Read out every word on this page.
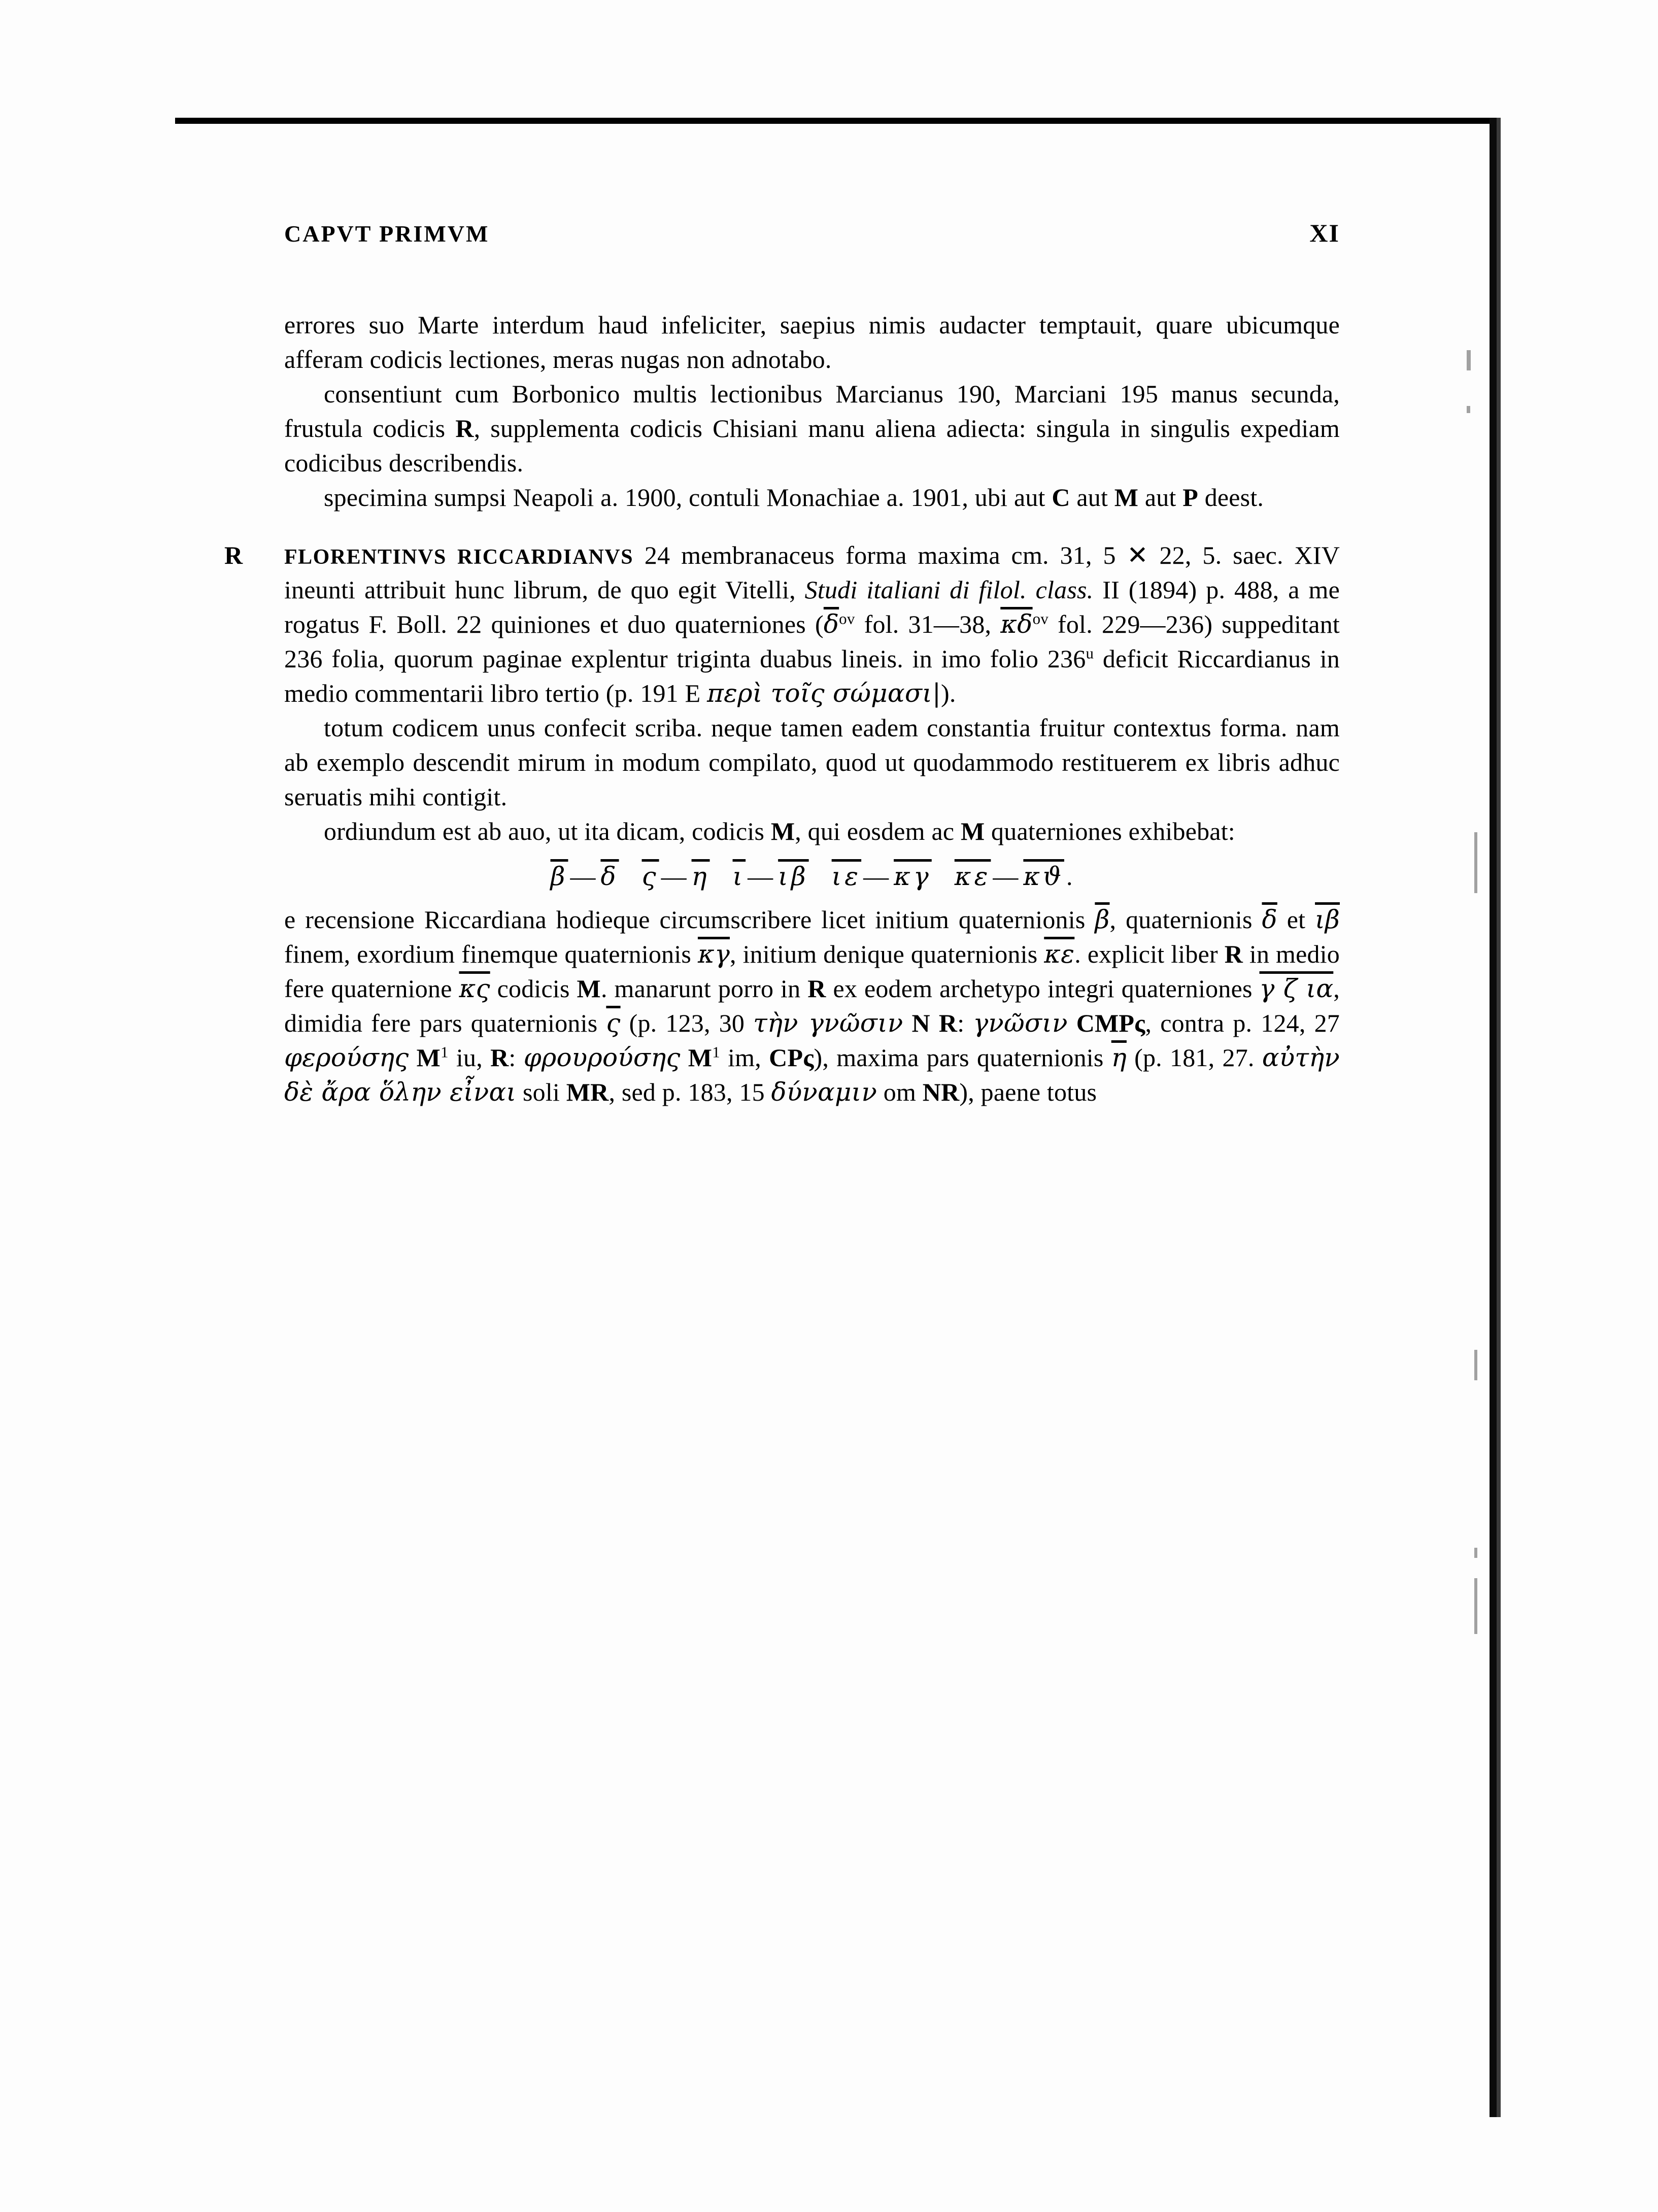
CAPVT PRIMVM	XI

errores suo Marte interdum haud infeliciter, saepius nimis audacter temptauit, quare ubicumque afferam codicis lectiones, meras nugas non adnotabo.

consentiunt cum Borbonico multis lectionibus Marcianus 190, Marciani 195 manus secunda, frustula codicis R, supplementa codicis Chisiani manu aliena adiecta: singula in singulis expediam codicibus describendis.

specimina sumpsi Neapoli a. 1900, contuli Monachiae a. 1901, ubi aut C aut M aut P deest.

R FLORENTINVS RICCARDIANVS 24 membranaceus forma maxima cm. 31, 5 ✕ 22, 5. saec. XIV ineunti attribuit hunc librum, de quo egit Vitelli, Studi italiani di filol. class. II (1894) p. 488, a me rogatus F. Boll. 22 quiniones et duo quaterniones ($\overline{\delta}^{ov}$ fol. 31—38, $\overline{\kappa\delta}^{ov}$ fol. 229—236) suppeditant 236 folia, quorum paginae explentur triginta duabus lineis. in imo folio 236$^u$ deficit Riccardianus in medio commentarii libro tertio (p. 191 E περὶ τοῖς σώμασι|).

totum codicem unus confecit scriba. neque tamen eadem constantia fruitur contextus forma. nam ab exemplo descendit mirum in modum compilato, quod ut quodammodo restituerem ex libris adhuc seruatis mihi contigit.

ordiundum est ab auo, ut ita dicam, codicis M, qui eosdem ac M quaterniones exhibebat:

$\overline{\beta}—\overline{\delta}$ $\overline{\varsigma}—\overline{\eta}$ $\overline{\iota}—\overline{\iota\beta}$ $\overline{\iota\varepsilon}—\overline{\kappa\gamma}$ $\overline{\kappa\varepsilon}—\overline{\kappa ϑ}$.

e recensione Riccardiana hodieque circumscribere licet initium quaternionis $\overline{\beta}$, quaternionis $\overline{\delta}$ et $\overline{\iota\beta}$ finem, exordium finemque quaternionis $\overline{\kappa\gamma}$, initium denique quaternionis $\overline{\kappa\varepsilon}$. explicit liber R in medio fere quaternione $\overline{\kappa\varsigma}$ codicis M. manarunt porro in R ex eodem archetypo integri quaterniones γ ζ ια, dimidia fere pars quaternionis $\overline{\varsigma}$ (p. 123, 30 τὴν γνῶσιν N R: γνῶσιν CMPς, contra p. 124, 27 φερούσης $M^1$ iu, R: φρουρούσης $M^1$ im, CPς), maxima pars quaternionis $\overline{\eta}$ (p. 181, 27. αὐτὴν δὲ ἄρα ὅλην εἶναι soli MR, sed p. 183, 15 δύναμιν om NR), paene totus
